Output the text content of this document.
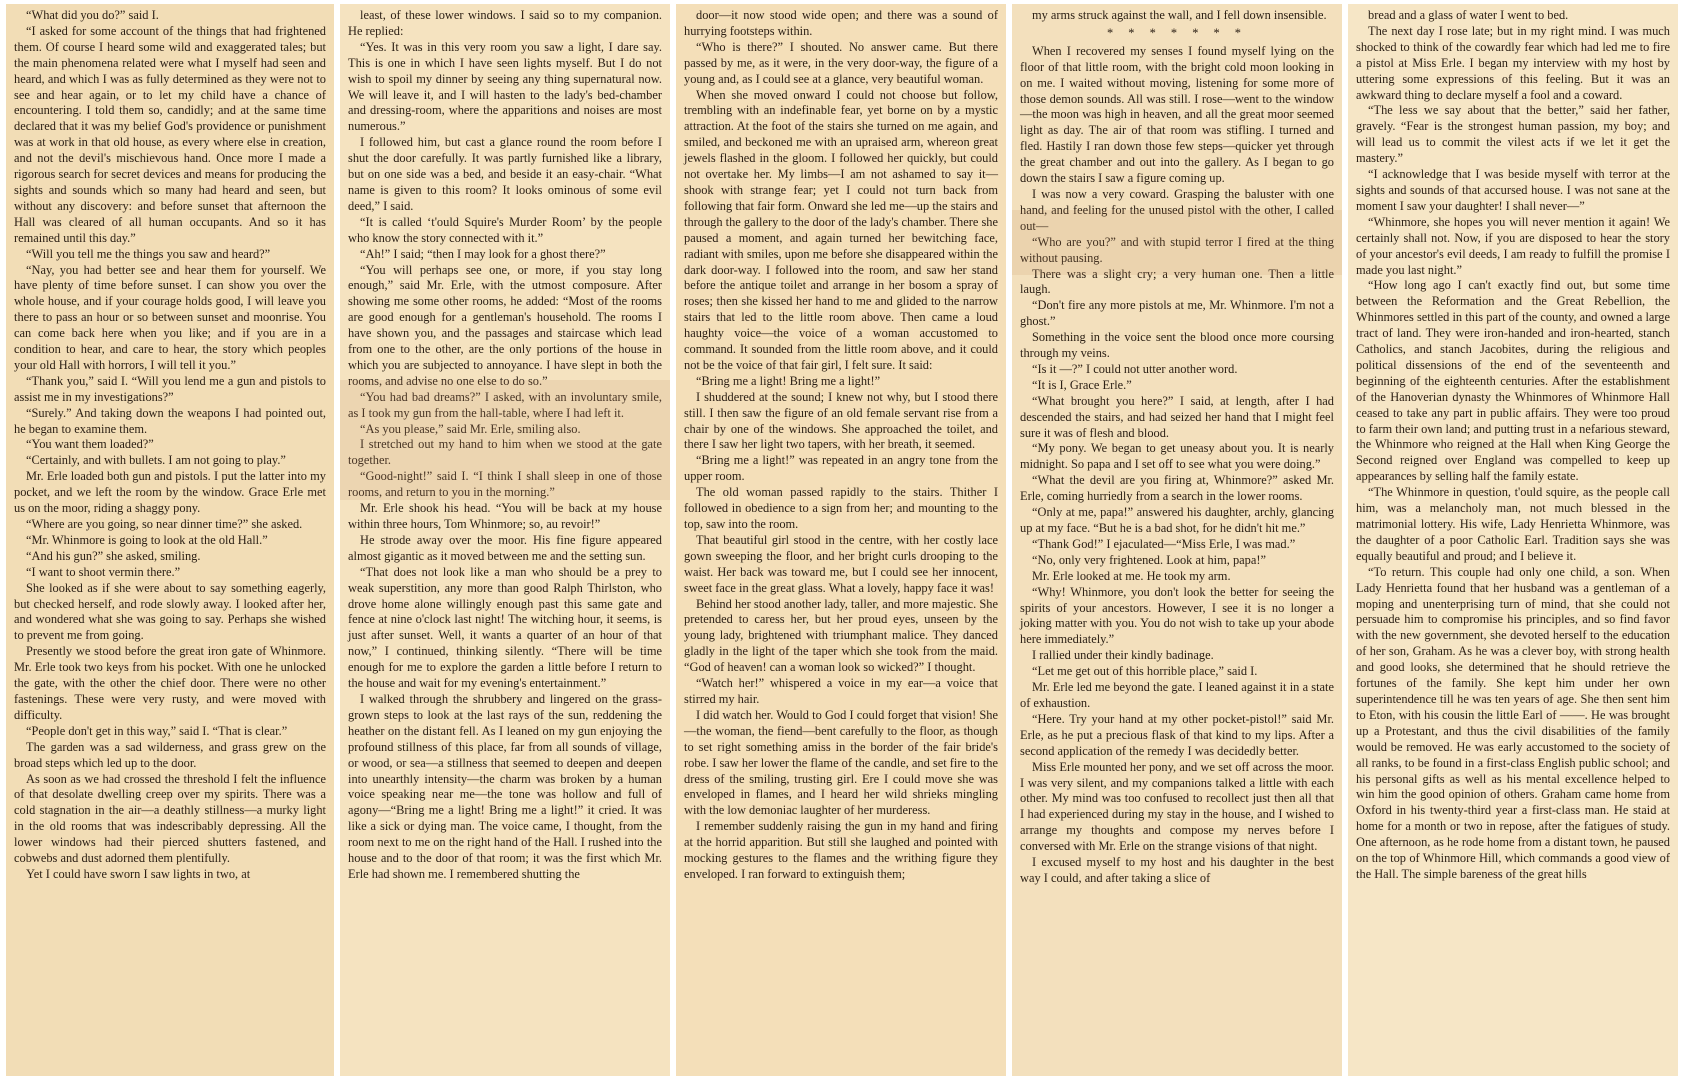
“What did you do?” said I.

“I asked for some account of the things that had frightened them. Of course I heard some wild and exaggerated tales; but the main phenomena related were what I myself had seen and heard, and which I was as fully determined as they were not to see and hear again, or to let my child have a chance of encountering. I told them so, candidly; and at the same time declared that it was my belief God's providence or punishment was at work in that old house, as every where else in creation, and not the devil's mischievous hand. Once more I made a rigorous search for secret devices and means for producing the sights and sounds which so many had heard and seen, but without any discovery: and before sunset that afternoon the Hall was cleared of all human occupants. And so it has remained until this day.”

“Will you tell me the things you saw and heard?”

“Nay, you had better see and hear them for yourself. We have plenty of time before sunset. I can show you over the whole house, and if your courage holds good, I will leave you there to pass an hour or so between sunset and moonrise. You can come back here when you like; and if you are in a condition to hear, and care to hear, the story which peoples your old Hall with horrors, I will tell it you.”

“Thank you,” said I. “Will you lend me a gun and pistols to assist me in my investigations?”

“Surely.” And taking down the weapons I had pointed out, he began to examine them.

“You want them loaded?”

“Certainly, and with bullets. I am not going to play.”

Mr. Erle loaded both gun and pistols. I put the latter into my pocket, and we left the room by the window. Grace Erle met us on the moor, riding a shaggy pony.

“Where are you going, so near dinner time?” she asked.

“Mr. Whinmore is going to look at the old Hall.”

“And his gun?” she asked, smiling.

“I want to shoot vermin there.”

She looked as if she were about to say something eagerly, but checked herself, and rode slowly away. I looked after her, and wondered what she was going to say. Perhaps she wished to prevent me from going.

Presently we stood before the great iron gate of Whinmore. Mr. Erle took two keys from his pocket. With one he unlocked the gate, with the other the chief door. There were no other fastenings. These were very rusty, and were moved with difficulty.

“People don't get in this way,” said I. “That is clear.”

The garden was a sad wilderness, and grass grew on the broad steps which led up to the door.

As soon as we had crossed the threshold I felt the influence of that desolate dwelling creep over my spirits. There was a cold stagnation in the air—a deathly stillness—a murky light in the old rooms that was indescribably depressing. All the lower windows had their pierced shutters fastened, and cobwebs and dust adorned them plentifully.

Yet I could have sworn I saw lights in two, at

least, of these lower windows. I said so to my companion. He replied:

“Yes. It was in this very room you saw a light, I dare say. This is one in which I have seen lights myself. But I do not wish to spoil my dinner by seeing any thing supernatural now. We will leave it, and I will hasten to the lady's bed-chamber and dressing-room, where the apparitions and noises are most numerous.”

I followed him, but cast a glance round the room before I shut the door carefully. It was partly furnished like a library, but on one side was a bed, and beside it an easy-chair. “What name is given to this room? It looks ominous of some evil deed,” I said.

“It is called ‘t'ould Squire's Murder Room’ by the people who know the story connected with it.”

“Ah!” I said; “then I may look for a ghost there?”

“You will perhaps see one, or more, if you stay long enough,” said Mr. Erle, with the utmost composure. After showing me some other rooms, he added: “Most of the rooms are good enough for a gentleman's household. The rooms I have shown you, and the passages and staircase which lead from one to the other, are the only portions of the house in which you are subjected to annoyance. I have slept in both the rooms, and advise no one else to do so.”

“You had bad dreams?” I asked, with an involuntary smile, as I took my gun from the hall-table, where I had left it.

“As you please,” said Mr. Erle, smiling also.

I stretched out my hand to him when we stood at the gate together.

“Good-night!” said I. “I think I shall sleep in one of those rooms, and return to you in the morning.”

Mr. Erle shook his head. “You will be back at my house within three hours, Tom Whinmore; so, au revoir!”

He strode away over the moor. His fine figure appeared almost gigantic as it moved between me and the setting sun.

“That does not look like a man who should be a prey to weak superstition, any more than good Ralph Thirlston, who drove home alone willingly enough past this same gate and fence at nine o'clock last night! The witching hour, it seems, is just after sunset. Well, it wants a quarter of an hour of that now,” I continued, thinking silently. “There will be time enough for me to explore the garden a little before I return to the house and wait for my evening's entertainment.”

I walked through the shrubbery and lingered on the grass-grown steps to look at the last rays of the sun, reddening the heather on the distant fell. As I leaned on my gun enjoying the profound stillness of this place, far from all sounds of village, or wood, or sea—a stillness that seemed to deepen and deepen into unearthly intensity—the charm was broken by a human voice speaking near me—the tone was hollow and full of agony—“Bring me a light! Bring me a light!” it cried. It was like a sick or dying man. The voice came, I thought, from the room next to me on the right hand of the Hall. I rushed into the house and to the door of that room; it was the first which Mr. Erle had shown me. I remembered shutting the

door—it now stood wide open; and there was a sound of hurrying footsteps within.

“Who is there?” I shouted. No answer came. But there passed by me, as it were, in the very door-way, the figure of a young and, as I could see at a glance, very beautiful woman.

When she moved onward I could not choose but follow, trembling with an indefinable fear, yet borne on by a mystic attraction. At the foot of the stairs she turned on me again, and smiled, and beckoned me with an upraised arm, whereon great jewels flashed in the gloom. I followed her quickly, but could not overtake her. My limbs—I am not ashamed to say it—shook with strange fear; yet I could not turn back from following that fair form. Onward she led me—up the stairs and through the gallery to the door of the lady's chamber. There she paused a moment, and again turned her bewitching face, radiant with smiles, upon me before she disappeared within the dark door-way. I followed into the room, and saw her stand before the antique toilet and arrange in her bosom a spray of roses; then she kissed her hand to me and glided to the narrow stairs that led to the little room above. Then came a loud haughty voice—the voice of a woman accustomed to command. It sounded from the little room above, and it could not be the voice of that fair girl, I felt sure. It said:

“Bring me a light! Bring me a light!”

I shuddered at the sound; I knew not why, but I stood there still. I then saw the figure of an old female servant rise from a chair by one of the windows. She approached the toilet, and there I saw her light two tapers, with her breath, it seemed.

“Bring me a light!” was repeated in an angry tone from the upper room.

The old woman passed rapidly to the stairs. Thither I followed in obedience to a sign from her; and mounting to the top, saw into the room.

That beautiful girl stood in the centre, with her costly lace gown sweeping the floor, and her bright curls drooping to the waist. Her back was toward me, but I could see her innocent, sweet face in the great glass. What a lovely, happy face it was!

Behind her stood another lady, taller, and more majestic. She pretended to caress her, but her proud eyes, unseen by the young lady, brightened with triumphant malice. They danced gladly in the light of the taper which she took from the maid. “God of heaven! can a woman look so wicked?” I thought.

“Watch her!” whispered a voice in my ear—a voice that stirred my hair.

I did watch her. Would to God I could forget that vision! She—the woman, the fiend—bent carefully to the floor, as though to set right something amiss in the border of the fair bride's robe. I saw her lower the flame of the candle, and set fire to the dress of the smiling, trusting girl. Ere I could move she was enveloped in flames, and I heard her wild shrieks mingling with the low demoniac laughter of her murderess.

I remember suddenly raising the gun in my hand and firing at the horrid apparition. But still she laughed and pointed with mocking gestures to the flames and the writhing figure they enveloped. I ran forward to extinguish them;

my arms struck against the wall, and I fell down insensible.

* * * * * * *

When I recovered my senses I found myself lying on the floor of that little room, with the bright cold moon looking in on me. I waited without moving, listening for some more of those demon sounds. All was still. I rose—went to the window—the moon was high in heaven, and all the great moor seemed light as day. The air of that room was stifling. I turned and fled. Hastily I ran down those few steps—quicker yet through the great chamber and out into the gallery. As I began to go down the stairs I saw a figure coming up.

I was now a very coward. Grasping the baluster with one hand, and feeling for the unused pistol with the other, I called out—

“Who are you?” and with stupid terror I fired at the thing without pausing.

There was a slight cry; a very human one. Then a little laugh.

“Don't fire any more pistols at me, Mr. Whinmore. I'm not a ghost.”

Something in the voice sent the blood once more coursing through my veins.

“Is it —?” I could not utter another word.

“It is I, Grace Erle.”

“What brought you here?” I said, at length, after I had descended the stairs, and had seized her hand that I might feel sure it was of flesh and blood.

“My pony. We began to get uneasy about you. It is nearly midnight. So papa and I set off to see what you were doing.”

“What the devil are you firing at, Whinmore?” asked Mr. Erle, coming hurriedly from a search in the lower rooms.

“Only at me, papa!” answered his daughter, archly, glancing up at my face. “But he is a bad shot, for he didn't hit me.”

“Thank God!” I ejaculated—“Miss Erle, I was mad.”

“No, only very frightened. Look at him, papa!”

Mr. Erle looked at me. He took my arm.

“Why! Whinmore, you don't look the better for seeing the spirits of your ancestors. However, I see it is no longer a joking matter with you. You do not wish to take up your abode here immediately.”

I rallied under their kindly badinage.

“Let me get out of this horrible place,” said I.

Mr. Erle led me beyond the gate. I leaned against it in a state of exhaustion.

“Here. Try your hand at my other pocket-pistol!” said Mr. Erle, as he put a precious flask of that kind to my lips. After a second application of the remedy I was decidedly better.

Miss Erle mounted her pony, and we set off across the moor. I was very silent, and my companions talked a little with each other. My mind was too confused to recollect just then all that I had experienced during my stay in the house, and I wished to arrange my thoughts and compose my nerves before I conversed with Mr. Erle on the strange visions of that night.

I excused myself to my host and his daughter in the best way I could, and after taking a slice of

bread and a glass of water I went to bed.

The next day I rose late; but in my right mind. I was much shocked to think of the cowardly fear which had led me to fire a pistol at Miss Erle. I began my interview with my host by uttering some expressions of this feeling. But it was an awkward thing to declare myself a fool and a coward.

“The less we say about that the better,” said her father, gravely. “Fear is the strongest human passion, my boy; and will lead us to commit the vilest acts if we let it get the mastery.”

“I acknowledge that I was beside myself with terror at the sights and sounds of that accursed house. I was not sane at the moment I saw your daughter! I shall never—”

“Whinmore, she hopes you will never mention it again! We certainly shall not. Now, if you are disposed to hear the story of your ancestor's evil deeds, I am ready to fulfill the promise I made you last night.”

“How long ago I can't exactly find out, but some time between the Reformation and the Great Rebellion, the Whinmores settled in this part of the county, and owned a large tract of land. They were iron-handed and iron-hearted, stanch Catholics, and stanch Jacobites, during the religious and political dissensions of the end of the seventeenth and beginning of the eighteenth centuries. After the establishment of the Hanoverian dynasty the Whinmores of Whinmore Hall ceased to take any part in public affairs. They were too proud to farm their own land; and putting trust in a nefarious steward, the Whinmore who reigned at the Hall when King George the Second reigned over England was compelled to keep up appearances by selling half the family estate.

“The Whinmore in question, t'ould squire, as the people call him, was a melancholy man, not much blessed in the matrimonial lottery. His wife, Lady Henrietta Whinmore, was the daughter of a poor Catholic Earl. Tradition says she was equally beautiful and proud; and I believe it.

“To return. This couple had only one child, a son. When Lady Henrietta found that her husband was a gentleman of a moping and unenterprising turn of mind, that she could not persuade him to compromise his principles, and so find favor with the new government, she devoted herself to the education of her son, Graham. As he was a clever boy, with strong health and good looks, she determined that he should retrieve the fortunes of the family. She kept him under her own superintendence till he was ten years of age. She then sent him to Eton, with his cousin the little Earl of ——. He was brought up a Protestant, and thus the civil disabilities of the family would be removed. He was early accustomed to the society of all ranks, to be found in a first-class English public school; and his personal gifts as well as his mental excellence helped to win him the good opinion of others. Graham came home from Oxford in his twenty-third year a first-class man. He staid at home for a month or two in repose, after the fatigues of study. One afternoon, as he rode home from a distant town, he paused on the top of Whinmore Hill, which commands a good view of the Hall. The simple bareness of the great hills
